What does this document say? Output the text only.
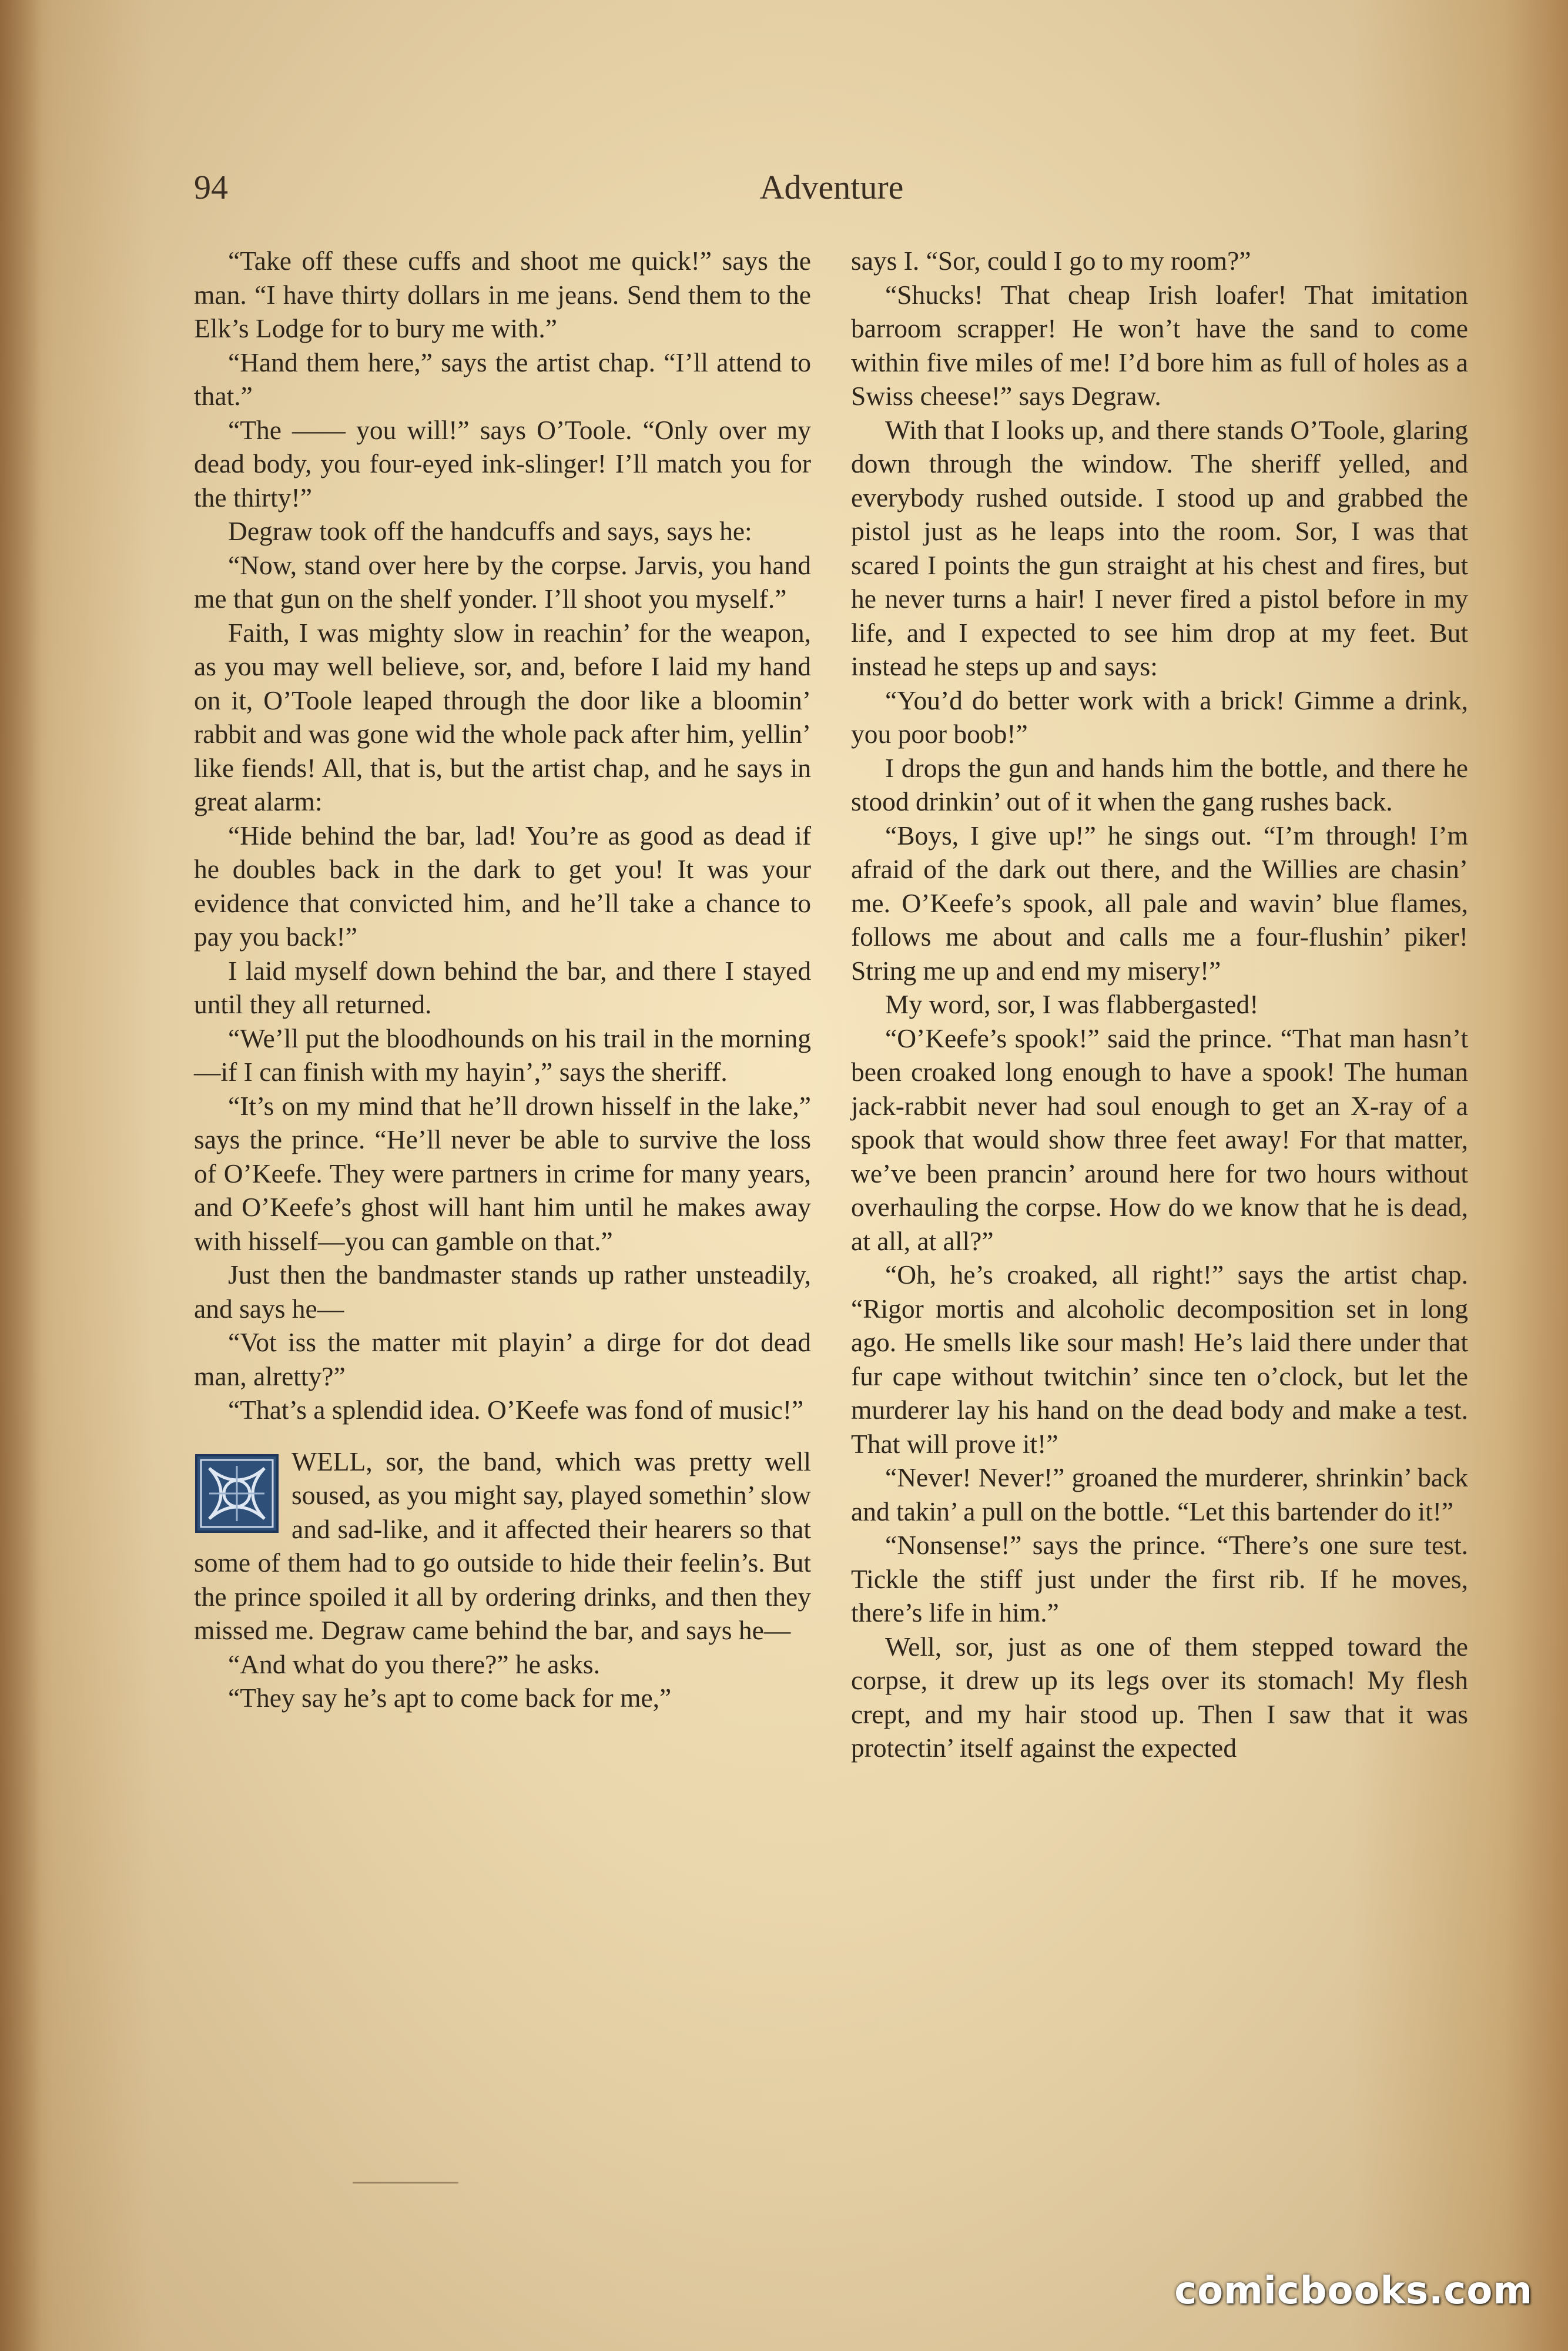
94	Adventure

“Take off these cuffs and shoot me quick!” says the man. “I have thirty dollars in me jeans. Send them to the Elk’s Lodge for to bury me with.”

“Hand them here,” says the artist chap. “I’ll attend to that.”

“The —— you will!” says O’Toole. “Only over my dead body, you four-eyed ink-slinger! I’ll match you for the thirty!”

Degraw took off the handcuffs and says, says he:

“Now, stand over here by the corpse. Jarvis, you hand me that gun on the shelf yonder. I’ll shoot you myself.”

Faith, I was mighty slow in reachin’ for the weapon, as you may well believe, sor, and, before I laid my hand on it, O’Toole leaped through the door like a bloomin’ rabbit and was gone wid the whole pack after him, yellin’ like fiends! All, that is, but the artist chap, and he says in great alarm:

“Hide behind the bar, lad! You’re as good as dead if he doubles back in the dark to get you! It was your evidence that convicted him, and he’ll take a chance to pay you back!”

I laid myself down behind the bar, and there I stayed until they all returned.

“We’ll put the bloodhounds on his trail in the morning—if I can finish with my hayin’,” says the sheriff.

“It’s on my mind that he’ll drown hisself in the lake,” says the prince. “He’ll never be able to survive the loss of O’Keefe. They were partners in crime for many years, and O’Keefe’s ghost will hant him until he makes away with hisself—you can gamble on that.”

Just then the bandmaster stands up rather unsteadily, and says he—

“Vot iss the matter mit playin’ a dirge for dot dead man, alretty?”

“That’s a splendid idea. O’Keefe was fond of music!”

WELL, sor, the band, which was pretty well soused, as you might say, played somethin’ slow and sad-like, and it affected their hearers so that some of them had to go outside to hide their feelin’s. But the prince spoiled it all by ordering drinks, and then they missed me. Degraw came behind the bar, and says he—

“And what do you there?” he asks.

“They say he’s apt to come back for me,”

says I. “Sor, could I go to my room?”

“Shucks! That cheap Irish loafer! That imitation barroom scrapper! He won’t have the sand to come within five miles of me! I’d bore him as full of holes as a Swiss cheese!” says Degraw.

With that I looks up, and there stands O’Toole, glaring down through the window. The sheriff yelled, and everybody rushed outside. I stood up and grabbed the pistol just as he leaps into the room. Sor, I was that scared I points the gun straight at his chest and fires, but he never turns a hair! I never fired a pistol before in my life, and I expected to see him drop at my feet. But instead he steps up and says:

“You’d do better work with a brick! Gimme a drink, you poor boob!”

I drops the gun and hands him the bottle, and there he stood drinkin’ out of it when the gang rushes back.

“Boys, I give up!” he sings out. “I’m through! I’m afraid of the dark out there, and the Willies are chasin’ me. O’Keefe’s spook, all pale and wavin’ blue flames, follows me about and calls me a four-flushin’ piker! String me up and end my misery!”

My word, sor, I was flabbergasted!

“O’Keefe’s spook!” said the prince. “That man hasn’t been croaked long enough to have a spook! The human jack-rabbit never had soul enough to get an X-ray of a spook that would show three feet away! For that matter, we’ve been prancin’ around here for two hours without overhauling the corpse. How do we know that he is dead, at all, at all?”

“Oh, he’s croaked, all right!” says the artist chap. “Rigor mortis and alcoholic decomposition set in long ago. He smells like sour mash! He’s laid there under that fur cape without twitchin’ since ten o’clock, but let the murderer lay his hand on the dead body and make a test. That will prove it!”

“Never! Never!” groaned the murderer, shrinkin’ back and takin’ a pull on the bottle. “Let this bartender do it!”

“Nonsense!” says the prince. “There’s one sure test. Tickle the stiff just under the first rib. If he moves, there’s life in him.”

Well, sor, just as one of them stepped toward the corpse, it drew up its legs over its stomach! My flesh crept, and my hair stood up. Then I saw that it was protectin’ itself against the expected

comicbooks.com
